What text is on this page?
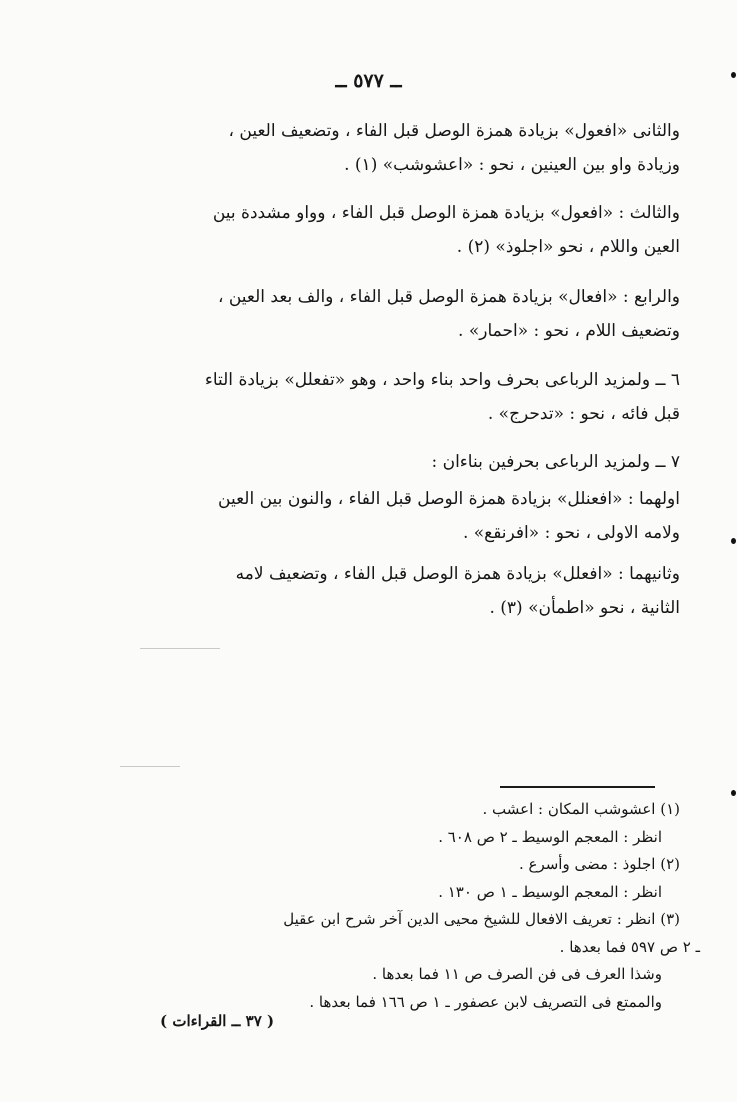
ــ ٥٧٧ ــ

والثانى «افعول» بزيادة همزة الوصل قبل الفاء ، وتضعيف العين ،

وزيادة واو بين العينين ، نحو : «اعشوشب» (١) .

والثالث : «افعول» بزيادة همزة الوصل قبل الفاء ، وواو مشددة بين

العين واللام ، نحو «اجلوذ» (٢) .

والرابع : «افعال» بزيادة همزة الوصل قبل الفاء ، والف بعد العين ،

وتضعيف اللام ، نحو : «احمار» .

٦ ــ ولمزيد الرباعى بحرف واحد بناء واحد ، وهو «تفعلل» بزيادة التاء

قبل فائه ، نحو : «تدحرج» .

٧ ــ ولمزيد الرباعى بحرفين بناءان :

اولهما : «افعنلل» بزيادة همزة الوصل قبل الفاء ، والنون بين العين

ولامه الاولى ، نحو : «افرنقع» .

وثانيهما : «افعلل» بزيادة همزة الوصل قبل الفاء ، وتضعيف لامه

الثانية ، نحو «اطمأن» (٣) .

(١) اعشوشب المكان : اعشب .

انظر : المعجم الوسيط ـ ٢ ص ٦٠٨ .

(٢) اجلوذ : مضى وأسرع .

انظر : المعجم الوسيط ـ ١ ص ١٣٠ .

(٣) انظر : تعريف الافعال للشيخ محيى الدين آخر شرح ابن عقيل

ـ ٢ ص ٥٩٧ فما بعدها .

وشذا العرف فى فن الصرف ص ١١ فما بعدها .

والممتع فى التصريف لابن عصفور ـ ١ ص ١٦٦ فما بعدها .

( ٣٧ ــ القراءات )
